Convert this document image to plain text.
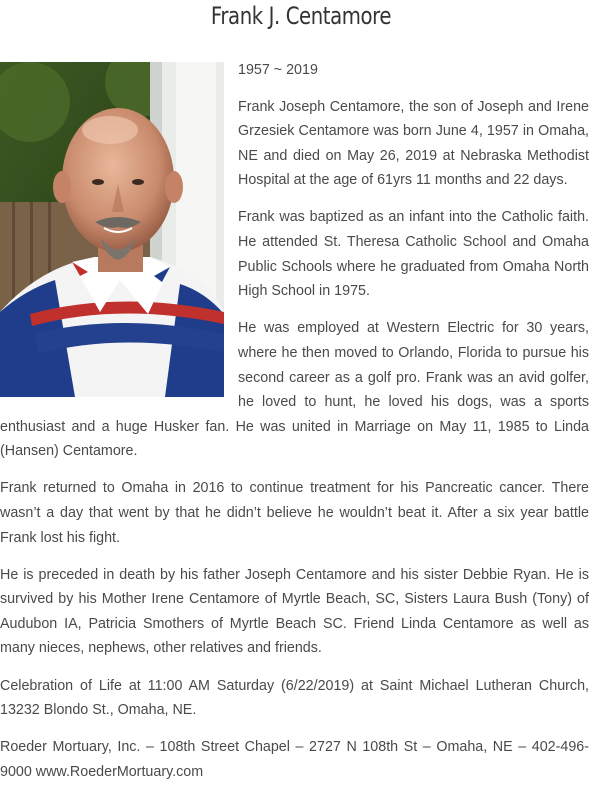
Frank J. Centamore

1957 ~ 2019

Frank Joseph Centamore, the son of Joseph and Irene Grzesiek Centamore was born June 4, 1957 in Omaha, NE and died on May 26, 2019 at Nebraska Methodist Hospital at the age of 61yrs 11 months and 22 days.

Frank was baptized as an infant into the Catholic faith. He attended St. Theresa Catholic School and Omaha Public Schools where he graduated from Omaha North High School in 1975.

He was employed at Western Electric for 30 years, where he then moved to Orlando, Florida to pursue his second career as a golf pro. Frank was an avid golfer, he loved to hunt, he loved his dogs, was a sports enthusiast and a huge Husker fan. He was united in Marriage on May 11, 1985 to Linda (Hansen) Centamore.

Frank returned to Omaha in 2016 to continue treatment for his Pancreatic cancer. There wasn’t a day that went by that he didn’t believe he wouldn’t beat it. After a six year battle Frank lost his fight.

He is preceded in death by his father Joseph Centamore and his sister Debbie Ryan. He is survived by his Mother Irene Centamore of Myrtle Beach, SC, Sisters Laura Bush (Tony) of Audubon IA, Patricia Smothers of Myrtle Beach SC. Friend Linda Centamore as well as many nieces, nephews, other relatives and friends.

Celebration of Life at 11:00 AM Saturday (6/22/2019) at Saint Michael Lutheran Church, 13232 Blondo St., Omaha, NE.

Roeder Mortuary, Inc. – 108th Street Chapel – 2727 N 108th St – Omaha, NE – 402-496-9000 www.RoederMortuary.com
